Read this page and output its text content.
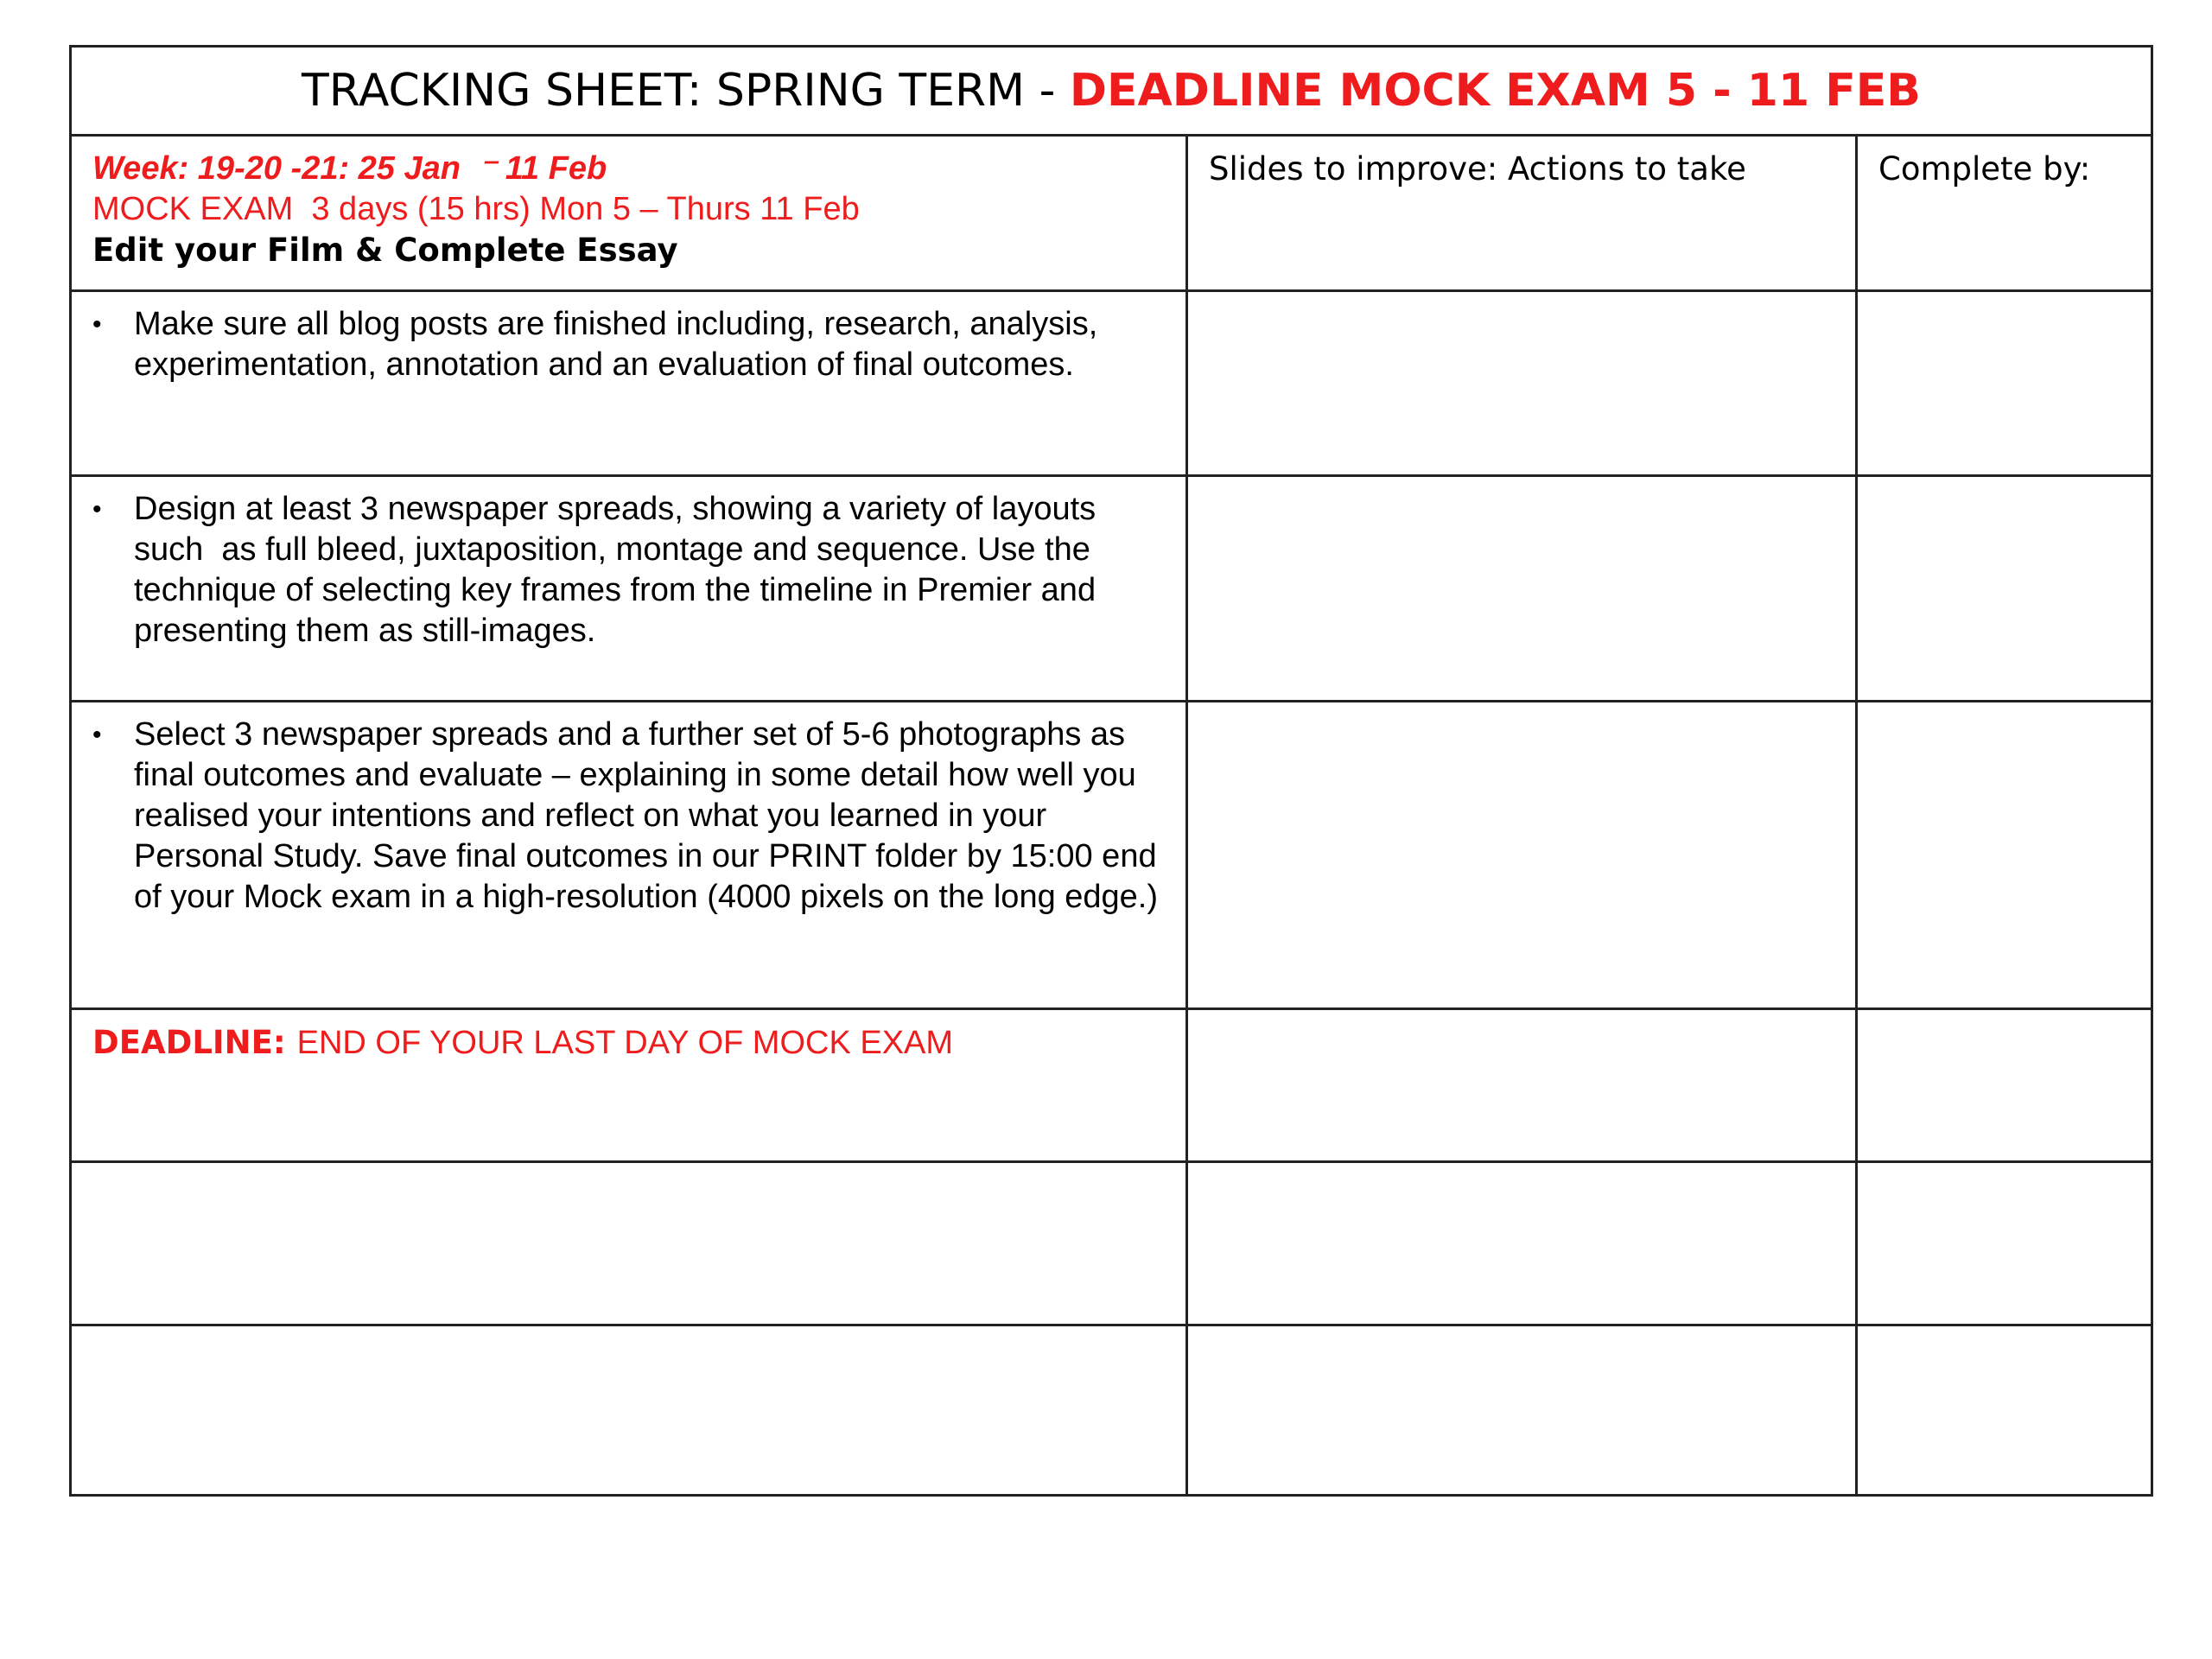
TRACKING SHEET: SPRING TERM - DEADLINE MOCK EXAM 5 - 11 FEB
Week: 19-20 -21: 25 Jan  ⁻ 11 Feb
MOCK EXAM  3 days (15 hrs) Mon 5 – Thurs 11 Feb
Edit your Film & Complete Essay
Slides to improve: Actions to take	Complete by:
• Make sure all blog posts are finished including, research, analysis, experimentation, annotation and an evaluation of final outcomes.
• Design at least 3 newspaper spreads, showing a variety of layouts such  as full bleed, juxtaposition, montage and sequence. Use the technique of selecting key frames from the timeline in Premier and presenting them as still-images.
• Select 3 newspaper spreads and a further set of 5-6 photographs as final outcomes and evaluate – explaining in some detail how well you realised your intentions and reflect on what you learned in your Personal Study. Save final outcomes in our PRINT folder by 15:00 end of your Mock exam in a high-resolution (4000 pixels on the long edge.)
DEADLINE: END OF YOUR LAST DAY OF MOCK EXAM
